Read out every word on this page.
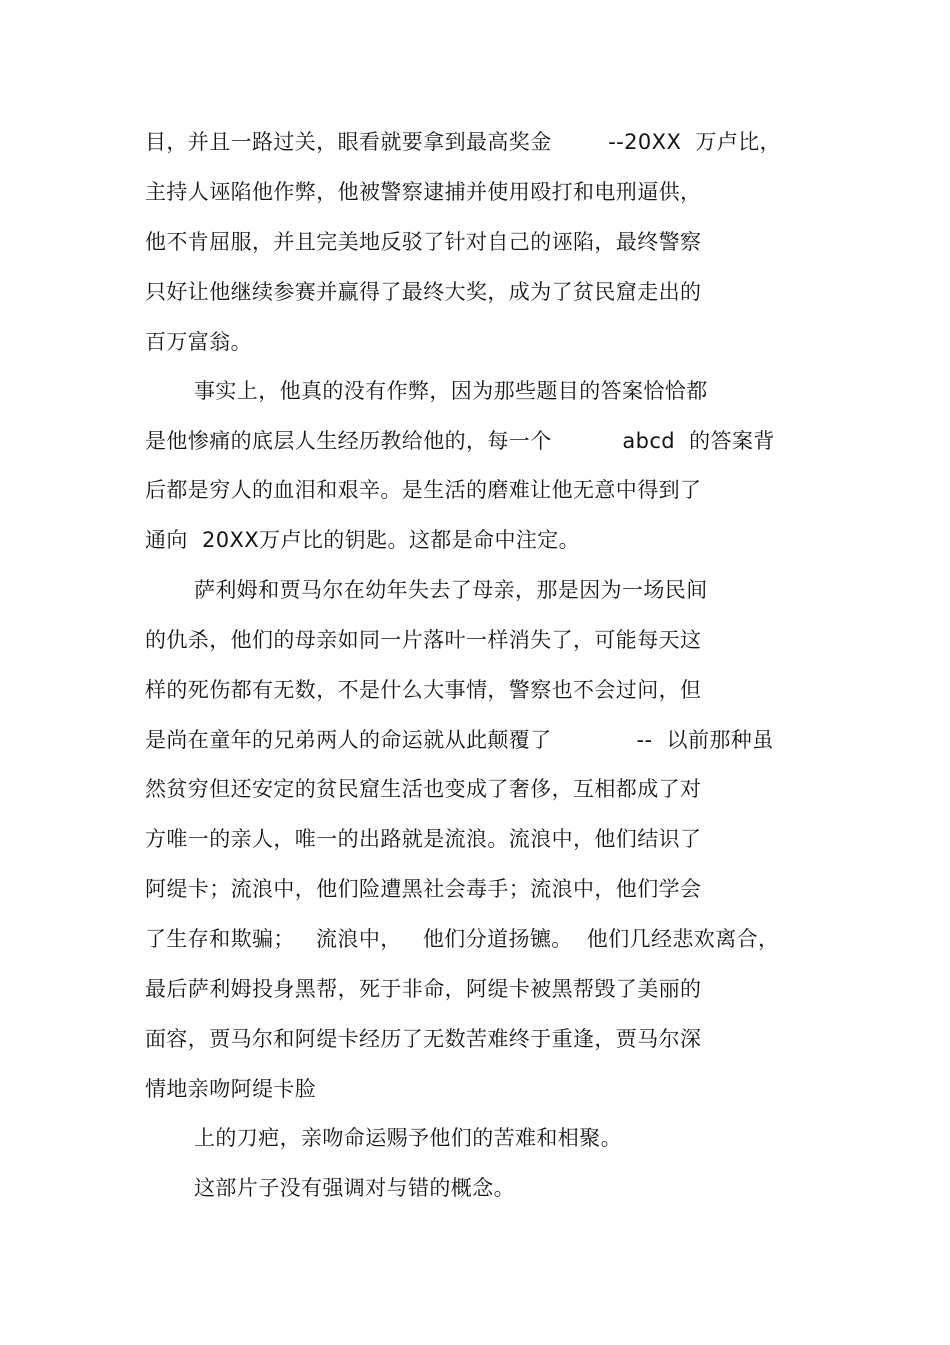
目，并且一路过关，眼看就要拿到最高奖金        --20XX  万卢比，
主持人诬陷他作弊，他被警察逮捕并使用殴打和电刑逼供，
他不肯屈服，并且完美地反驳了针对自己的诬陷，最终警察
只好让他继续参赛并赢得了最终大奖，成为了贫民窟走出的
百万富翁。
事实上，他真的没有作弊，因为那些题目的答案恰恰都
是他惨痛的底层人生经历教给他的，每一个          abcd  的答案背
后都是穷人的血泪和艰辛。是生活的磨难让他无意中得到了
通向  20XX万卢比的钥匙。这都是命中注定。
萨利姆和贾马尔在幼年失去了母亲，那是因为一场民间
的仇杀，他们的母亲如同一片落叶一样消失了，可能每天这
样的死伤都有无数，不是什么大事情，警察也不会过问，但
是尚在童年的兄弟两人的命运就从此颠覆了            --  以前那种虽
然贫穷但还安定的贫民窟生活也变成了奢侈，互相都成了对
方唯一的亲人，唯一的出路就是流浪。流浪中，他们结识了
阿缇卡；流浪中，他们险遭黑社会毒手；流浪中，他们学会
了生存和欺骗；   流浪中，   他们分道扬镳。  他们几经悲欢离合，
最后萨利姆投身黑帮，死于非命，阿缇卡被黑帮毁了美丽的
面容，贾马尔和阿缇卡经历了无数苦难终于重逢，贾马尔深
情地亲吻阿缇卡脸
上的刀疤，亲吻命运赐予他们的苦难和相聚。
这部片子没有强调对与错的概念。
